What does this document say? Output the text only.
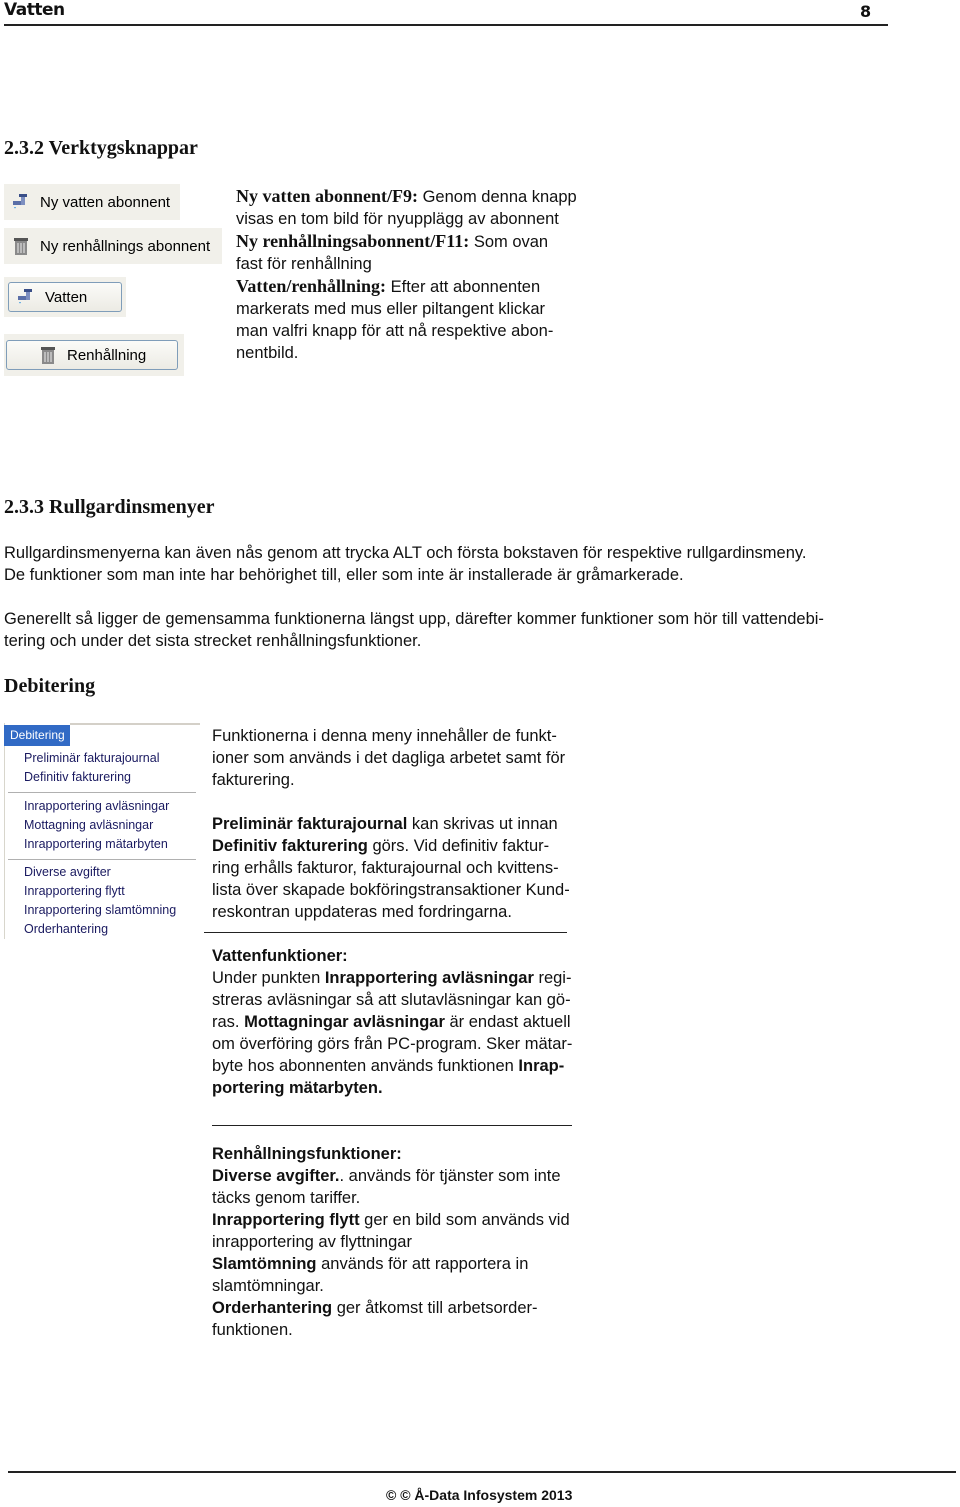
Vatten	8
2.3.2 Verktygsknappar
Ny vatten abonnent
Ny renhållnings abonnent
Vatten
Renhållning
Ny vatten abonnent/F9: Genom denna knapp
visas en tom bild för nyupplägg av abonnent
Ny renhållningsabonnent/F11: Som ovan
fast för renhållning
Vatten/renhållning: Efter att abonnenten
markerats med mus eller piltangent klickar
man valfri knapp för att nå respektive abon-
nentbild.
2.3.3 Rullgardinsmenyer
Rullgardinsmenyerna kan även nås genom att trycka ALT och första bokstaven för respektive rullgardinsmeny.
De funktioner som man inte har behörighet till, eller som inte är installerade är gråmarkerade.
Generellt så ligger de gemensamma funktionerna längst upp, därefter kommer funktioner som hör till vattendebi-
tering och under det sista strecket renhållningsfunktioner.
Debitering
Debitering
Preliminär fakturajournal
Definitiv fakturering
Inrapportering avläsningar
Mottagning avläsningar
Inrapportering mätarbyten
Diverse avgifter
Inrapportering flytt
Inrapportering slamtömning
Orderhantering
Funktionerna i denna meny innehåller de funkt-
ioner som används i det dagliga arbetet samt för
fakturering.
Preliminär fakturajournal kan skrivas ut innan
Definitiv fakturering görs. Vid definitiv faktur-
ring erhålls fakturor, fakturajournal och kvittens-
lista över skapade bokföringstransaktioner Kund-
reskontran uppdateras med fordringarna.
Vattenfunktioner:
Under punkten Inrapportering avläsningar regi-
streras avläsningar så att slutavläsningar kan gö-
ras. Mottagningar avläsningar är endast aktuell
om överföring görs från PC-program. Sker mätar-
byte hos abonnenten används funktionen Inrap-
portering mätarbyten.
Renhållningsfunktioner:
Diverse avgifter.. används för tjänster som inte
täcks genom tariffer.
Inrapportering flytt ger en bild som används vid
inrapportering av flyttningar
Slamtömning används för att rapportera in
slamtömningar.
Orderhantering ger åtkomst till arbetsorder-
funktionen.
© © Å-Data Infosystem 2013
